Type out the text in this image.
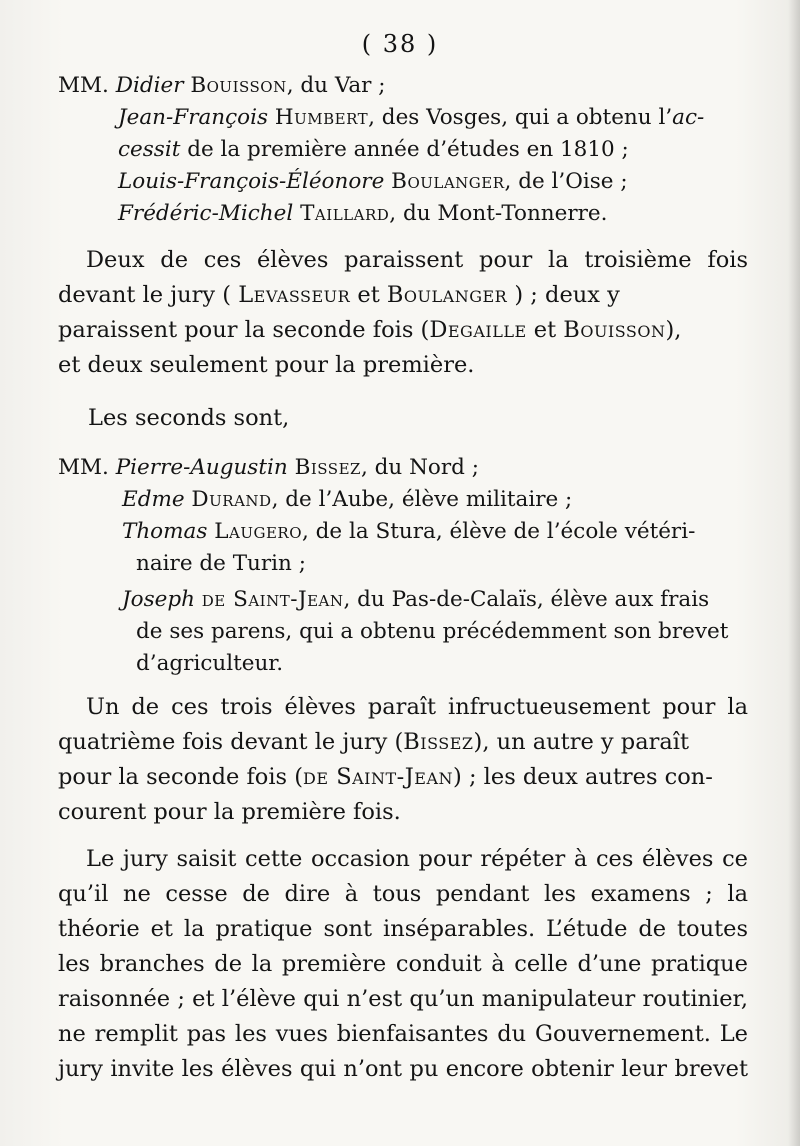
( 38 )
MM. Didier Bouisson, du Var ;
Jean-François Humbert, des Vosges, qui a obtenu l’ac-
cessit de la première année d’études en 1810 ;
Louis-François-Éléonore Boulanger, de l’Oise ;
Frédéric-Michel Taillard, du Mont-Tonnerre.
Deux de ces élèves paraissent pour la troisième fois
devant le jury ( Levasseur et Boulanger ) ; deux y
paraissent pour la seconde fois (Degaille et Bouisson),
et deux seulement pour la première.
Les seconds sont,
MM. Pierre-Augustin Bissez, du Nord ;
Edme Durand, de l’Aube, élève militaire ;
Thomas Laugero, de la Stura, élève de l’école vétéri-
naire de Turin ;
Joseph de Saint-Jean, du Pas-de-Calaïs, élève aux frais
de ses parens, qui a obtenu précédemment son brevet
d’agriculteur.
Un de ces trois élèves paraît infructueusement pour la
quatrième fois devant le jury (Bissez), un autre y paraît
pour la seconde fois (de Saint-Jean) ; les deux autres con-
courent pour la première fois.
Le jury saisit cette occasion pour répéter à ces élèves ce
qu’il ne cesse de dire à tous pendant les examens ; la
théorie et la pratique sont inséparables. L’étude de toutes
les branches de la première conduit à celle d’une pratique
raisonnée ; et l’élève qui n’est qu’un manipulateur routinier,
ne remplit pas les vues bienfaisantes du Gouvernement. Le
jury invite les élèves qui n’ont pu encore obtenir leur brevet
